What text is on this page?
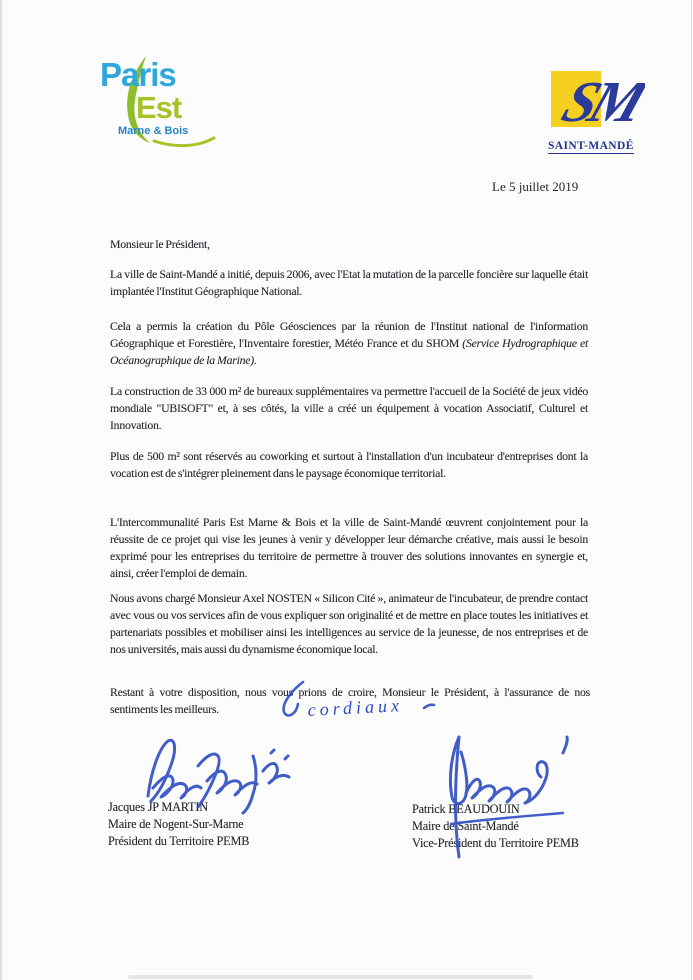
Paris
Est
Marne & Bois	SM
SAINT-MANDÉ
Le 5 juillet 2019

Monsieur le Président,

La ville de Saint-Mandé a initié, depuis 2006, avec l'Etat la mutation de la parcelle foncière sur laquelle était implantée l'Institut Géographique National.

Cela a permis la création du Pôle Géosciences par la réunion de l'Institut national de l'information Géographique et Forestière, l'Inventaire forestier, Météo France et du SHOM (Service Hydrographique et Océanographique de la Marine).

La construction de 33 000 m² de bureaux supplémentaires va permettre l'accueil de la Société de jeux vidéo mondiale "UBISOFT" et, à ses côtés, la ville a créé un équipement à vocation Associatif, Culturel et Innovation.

Plus de 500 m² sont réservés au coworking et surtout à l'installation d'un incubateur d'entreprises dont la vocation est de s'intégrer pleinement dans le paysage économique territorial.

L'Intercommunalité Paris Est Marne & Bois et la ville de Saint-Mandé œuvrent conjointement pour la réussite de ce projet qui vise les jeunes à venir y développer leur démarche créative, mais aussi le besoin exprimé pour les entreprises du territoire de permettre à trouver des solutions innovantes en synergie et, ainsi, créer l'emploi de demain.

Nous avons chargé Monsieur Axel NOSTEN « Silicon Cité », animateur de l'incubateur, de prendre contact avec vous ou vos services afin de vous expliquer son originalité et de mettre en place toutes les initiatives et partenariats possibles et mobiliser ainsi les intelligences au service de la jeunesse, de nos entreprises et de nos universités, mais aussi du dynamisme économique local.

Restant à votre disposition, nous vous prions de croire, Monsieur le Président, à l'assurance de nos sentiments les meilleurs.

Jacques JP MARTIN
Maire de Nogent-Sur-Marne
Président du Territoire PEMB
Patrick BEAUDOUIN
Maire de Saint-Mandé
Vice-Président du Territoire PEMB
cordiaux
